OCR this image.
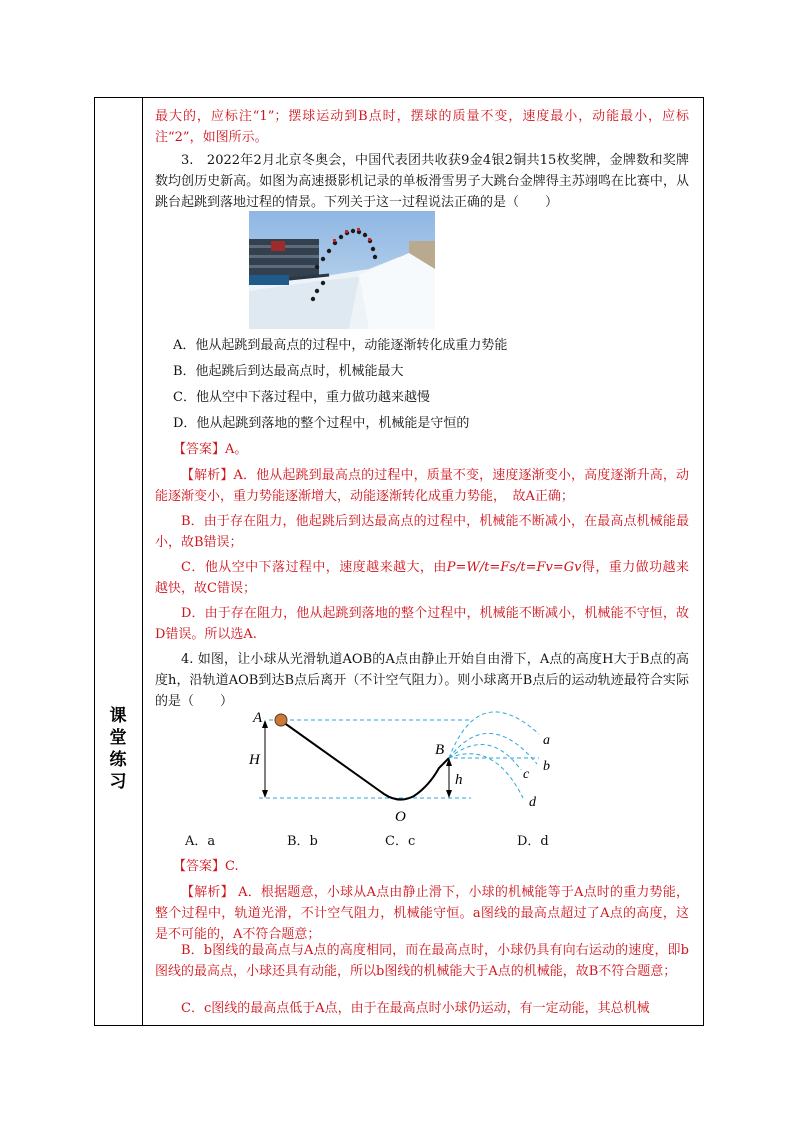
课
堂
练
习

最大的，应标注“1”；摆球运动到B点时，摆球的质量不变，速度最小，动能最小，应标注“2”，如图所示。

3.　2022年2月北京冬奥会，中国代表团共收获9金4银2铜共15枚奖牌，金牌数和奖牌数均创历史新高。如图为高速摄影机记录的单板滑雪男子大跳台金牌得主苏翊鸣在比赛中，从跳台起跳到落地过程的情景。下列关于这一过程说法正确的是（　　）

A．他从起跳到最高点的过程中，动能逐渐转化成重力势能

B．他起跳后到达最高点时，机械能最大

C．他从空中下落过程中，重力做功越来越慢

D．他从起跳到落地的整个过程中，机械能是守恒的

【答案】A。

【解析】A．他从起跳到最高点的过程中，质量不变，速度逐渐变小，高度逐渐升高，动能逐渐变小，重力势能逐渐增大，动能逐渐转化成重力势能，　故A正确；

B．由于存在阻力，他起跳后到达最高点的过程中，机械能不断减小，在最高点机械能最小，故B错误；

C．他从空中下落过程中，速度越来越大，由P=W/t=Fs/t=Fv=Gv得，重力做功越来越快，故C错误；

D．由于存在阻力，他从起跳到落地的整个过程中，机械能不断减小，机械能不守恒，故D错误。所以选A.

4. 如图，让小球从光滑轨道AOB的A点由静止开始自由滑下，A点的高度H大于B点的高度h，沿轨道AOB到达B点后离开（不计空气阻力）。则小球离开B点后的运动轨迹最符合实际的是（　　）

A
H
B
h
O
a
b
c
d
A．a	B．b	C．c	D．d

【答案】C.

【解析】 A．根据题意，小球从A点由静止滑下，小球的机械能等于A点时的重力势能，整个过程中，轨道光滑，不计空气阻力，机械能守恒。a图线的最高点超过了A点的高度，这是不可能的，A不符合题意；

B．b图线的最高点与A点的高度相同，而在最高点时，小球仍具有向右运动的速度，即b图线的最高点，小球还具有动能，所以b图线的机械能大于A点的机械能，故B不符合题意；

C．c图线的最高点低于A点，由于在最高点时小球仍运动，有一定动能，其总机械
